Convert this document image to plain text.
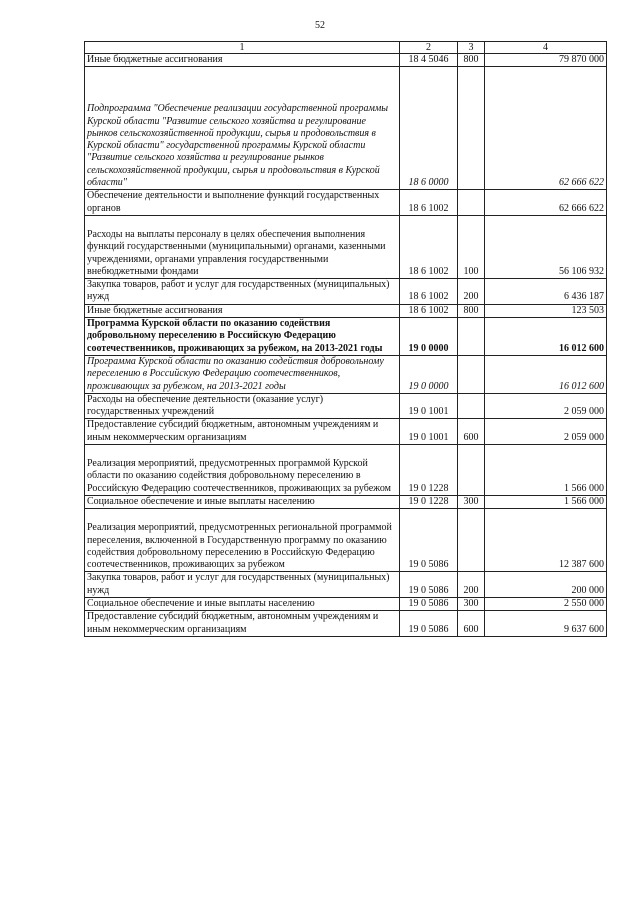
52
1	2	3	4

Иные бюджетные ассигнования	18 4 5046	800	79 870 000

Подпрограмма "Обеспечение реализации государственной программы Курской области "Развитие сельского хозяйства и регулирование рынков сельскохозяйственной продукции, сырья и продовольствия в Курской области" государственной программы Курской области "Развитие сельского хозяйства и регулирование рынков сельскохозяйственной продукции, сырья и продовольствия в Курской области"	18 6 0000		62 666 622

Обеспечение деятельности и выполнение функций государственных органов	18 6 1002		62 666 622

Расходы на выплаты персоналу в целях обеспечения выполнения функций государственными (муниципальными) органами, казенными учреждениями, органами управления государственными внебюджетными фондами	18 6 1002	100	56 106 932

Закупка товаров, работ и услуг для государственных (муниципальных) нужд	18 6 1002	200	6 436 187

Иные бюджетные ассигнования	18 6 1002	800	123 503

Программа Курской области по оказанию содействия добровольному переселению в Российскую Федерацию соотечественников, проживающих за рубежом, на 2013-2021 годы	19 0 0000		16 012 600

Программа Курской области по оказанию содействия добровольному переселению в Российскую Федерацию соотечественников, проживающих за рубежом, на 2013-2021 годы	19 0 0000		16 012 600

Расходы на обеспечение деятельности (оказание услуг) государственных учреждений	19 0 1001		2 059 000

Предоставление субсидий бюджетным, автономным учреждениям и иным некоммерческим организациям	19 0 1001	600	2 059 000

Реализация мероприятий, предусмотренных программой Курской области по оказанию содействия добровольному переселению в Российскую Федерацию соотечественников, проживающих за рубежом	19 0 1228		1 566 000

Социальное обеспечение и иные выплаты населению	19 0 1228	300	1 566 000

Реализация мероприятий, предусмотренных региональной программой переселения, включенной в Государственную программу по оказанию содействия добровольному переселению в Российскую Федерацию соотечественников, проживающих за рубежом	19 0 5086		12 387 600

Закупка товаров, работ и услуг для государственных (муниципальных) нужд	19 0 5086	200	200 000

Социальное обеспечение и иные выплаты населению	19 0 5086	300	2 550 000

Предоставление субсидий бюджетным, автономным учреждениям и иным некоммерческим организациям	19 0 5086	600	9 637 600
